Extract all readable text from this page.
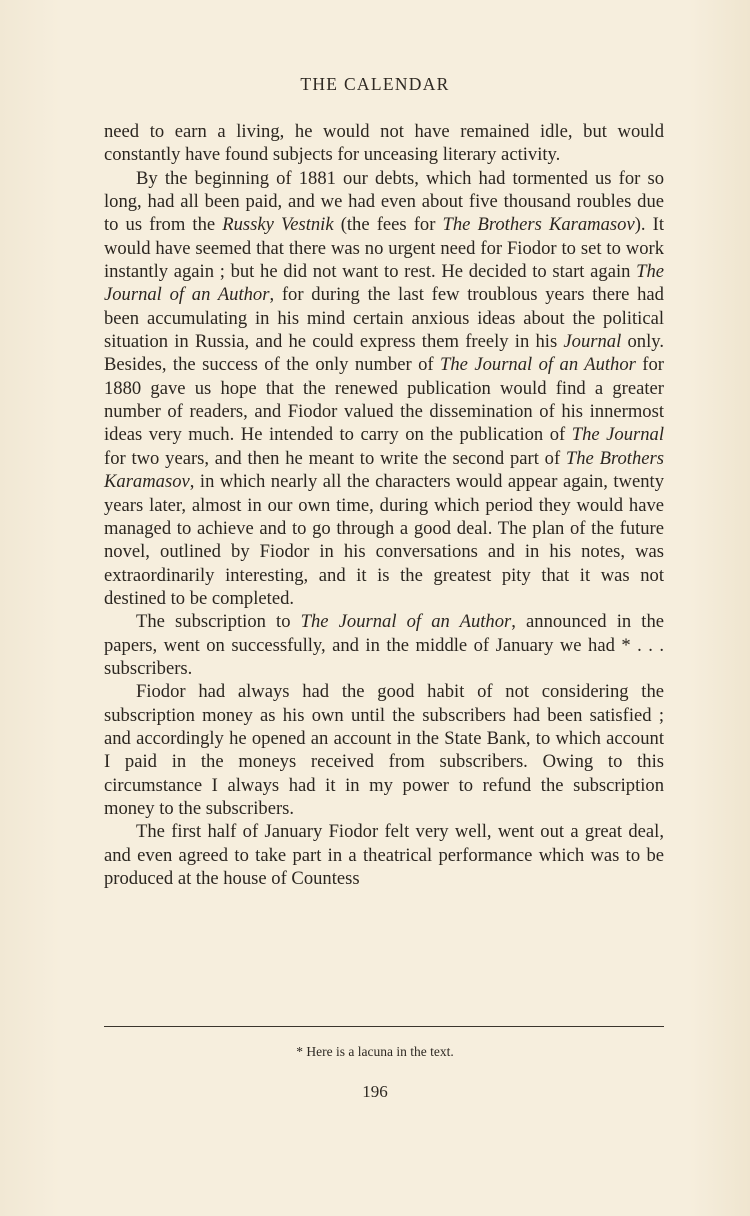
THE CALENDAR

need to earn a living, he would not have remained idle, but would constantly have found subjects for unceasing literary activity.

By the beginning of 1881 our debts, which had tormented us for so long, had all been paid, and we had even about five thousand roubles due to us from the Russky Vestnik (the fees for The Brothers Karamasov). It would have seemed that there was no urgent need for Fiodor to set to work instantly again ; but he did not want to rest. He decided to start again The Journal of an Author, for during the last few troublous years there had been accumulating in his mind certain anxious ideas about the political situation in Russia, and he could express them freely in his Journal only. Besides, the success of the only number of The Journal of an Author for 1880 gave us hope that the renewed publication would find a greater number of readers, and Fiodor valued the dissemination of his innermost ideas very much. He intended to carry on the publication of The Journal for two years, and then he meant to write the second part of The Brothers Karamasov, in which nearly all the characters would appear again, twenty years later, almost in our own time, during which period they would have managed to achieve and to go through a good deal. The plan of the future novel, outlined by Fiodor in his conversations and in his notes, was extraordinarily interesting, and it is the greatest pity that it was not destined to be completed.

The subscription to The Journal of an Author, announced in the papers, went on successfully, and in the middle of January we had * . . . subscribers.

Fiodor had always had the good habit of not considering the subscription money as his own until the subscribers had been satisfied ; and accordingly he opened an account in the State Bank, to which account I paid in the moneys received from subscribers. Owing to this circumstance I always had it in my power to refund the subscription money to the subscribers.

The first half of January Fiodor felt very well, went out a great deal, and even agreed to take part in a theatrical performance which was to be produced at the house of Countess

* Here is a lacuna in the text.
196
